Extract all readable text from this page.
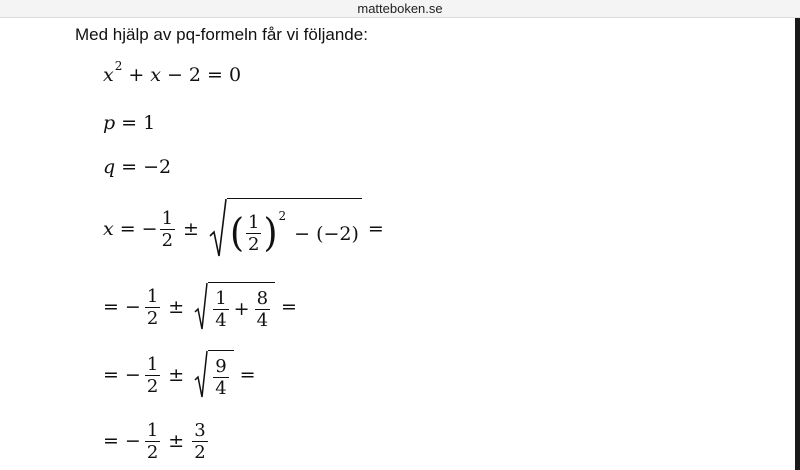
matteboken.se
Med hjälp av pq-formeln får vi följande:
x 2 + x − 2 = 0
p = 1
q = −2
x = − $\frac{1}{2}$ ± ( $\frac{1}{2}$ ) 2
− (−2) =
= − $\frac{1}{2} \pm \frac{1}{4} + \frac{8}{4}$ =
= − $\frac{1}{2} \pm \frac{9}{4}$ =
= − $\frac{1}{2} \pm \frac{3}{2}$
